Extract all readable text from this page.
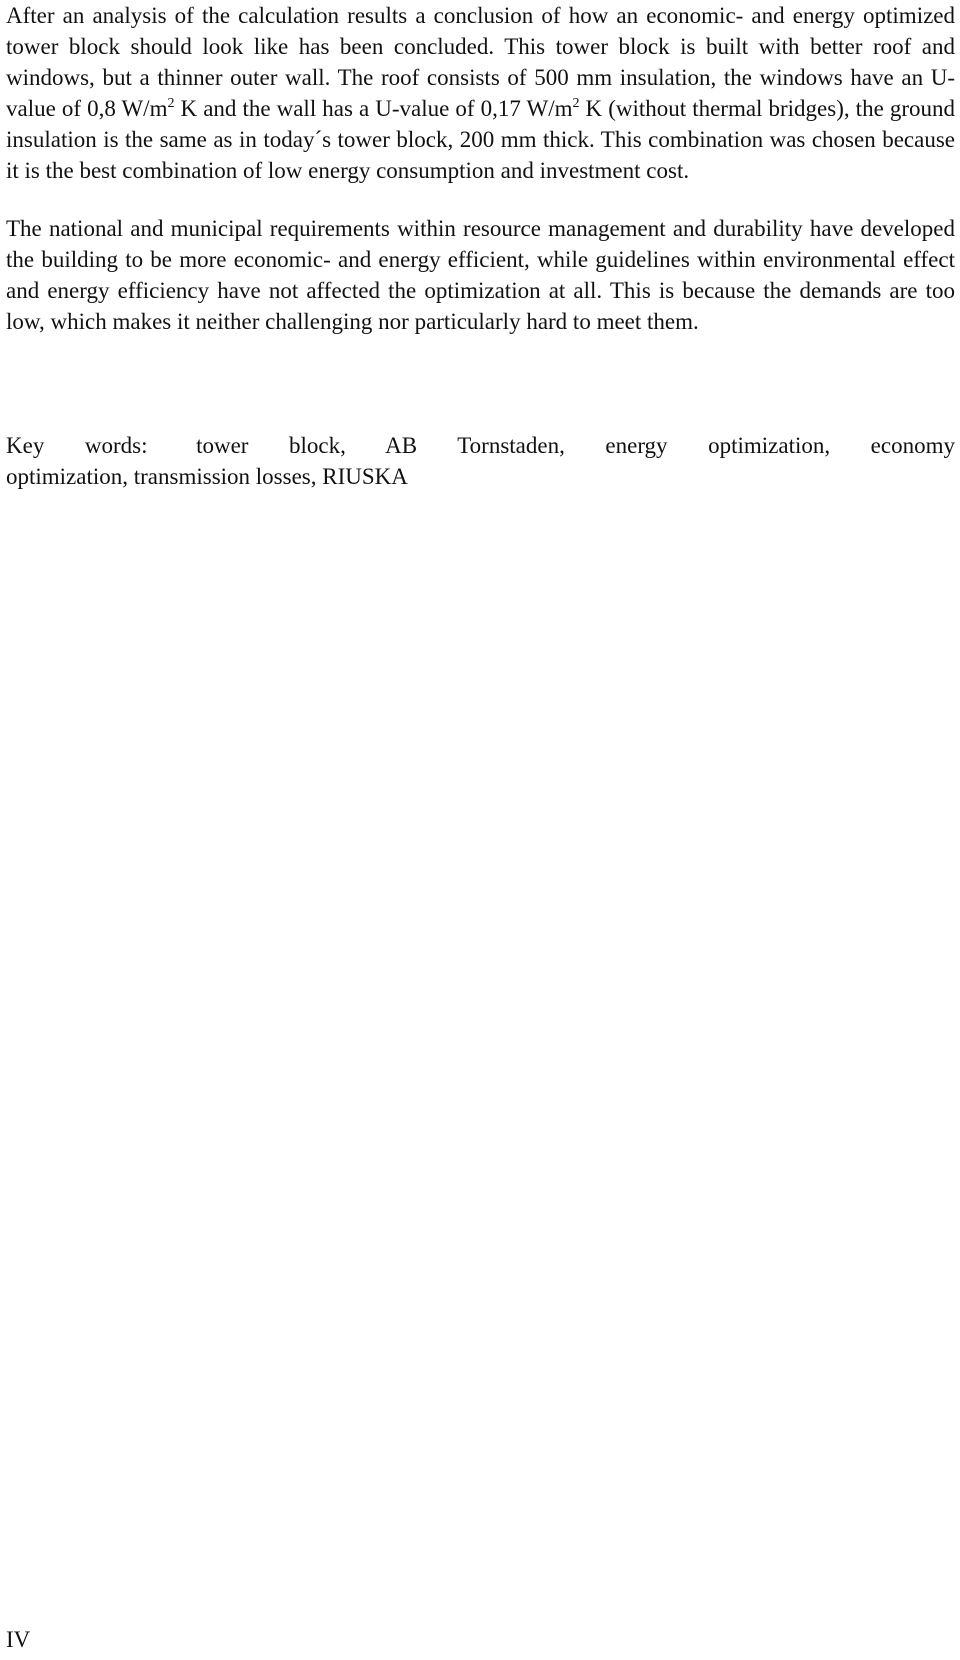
After an analysis of the calculation results a conclusion of how an economic- and energy optimized tower block should look like has been concluded. This tower block is built with better roof and windows, but a thinner outer wall. The roof consists of 500 mm insulation, the windows have an U-value of 0,8 $W/m^2$ K and the wall has a U-value of 0,17 $W/m^2$ K (without thermal bridges), the ground insulation is the same as in today´s tower block, 200 mm thick. This combination was chosen because it is the best combination of low energy consumption and investment cost.

The national and municipal requirements within resource management and durability have developed the building to be more economic- and energy efficient, while guidelines within environmental effect and energy efficiency have not affected the optimization at all. This is because the demands are too low, which makes it neither challenging nor particularly hard to meet them.

Key words: tower block, AB Tornstaden, energy optimization, economy
optimization, transmission losses, RIUSKA
IV
